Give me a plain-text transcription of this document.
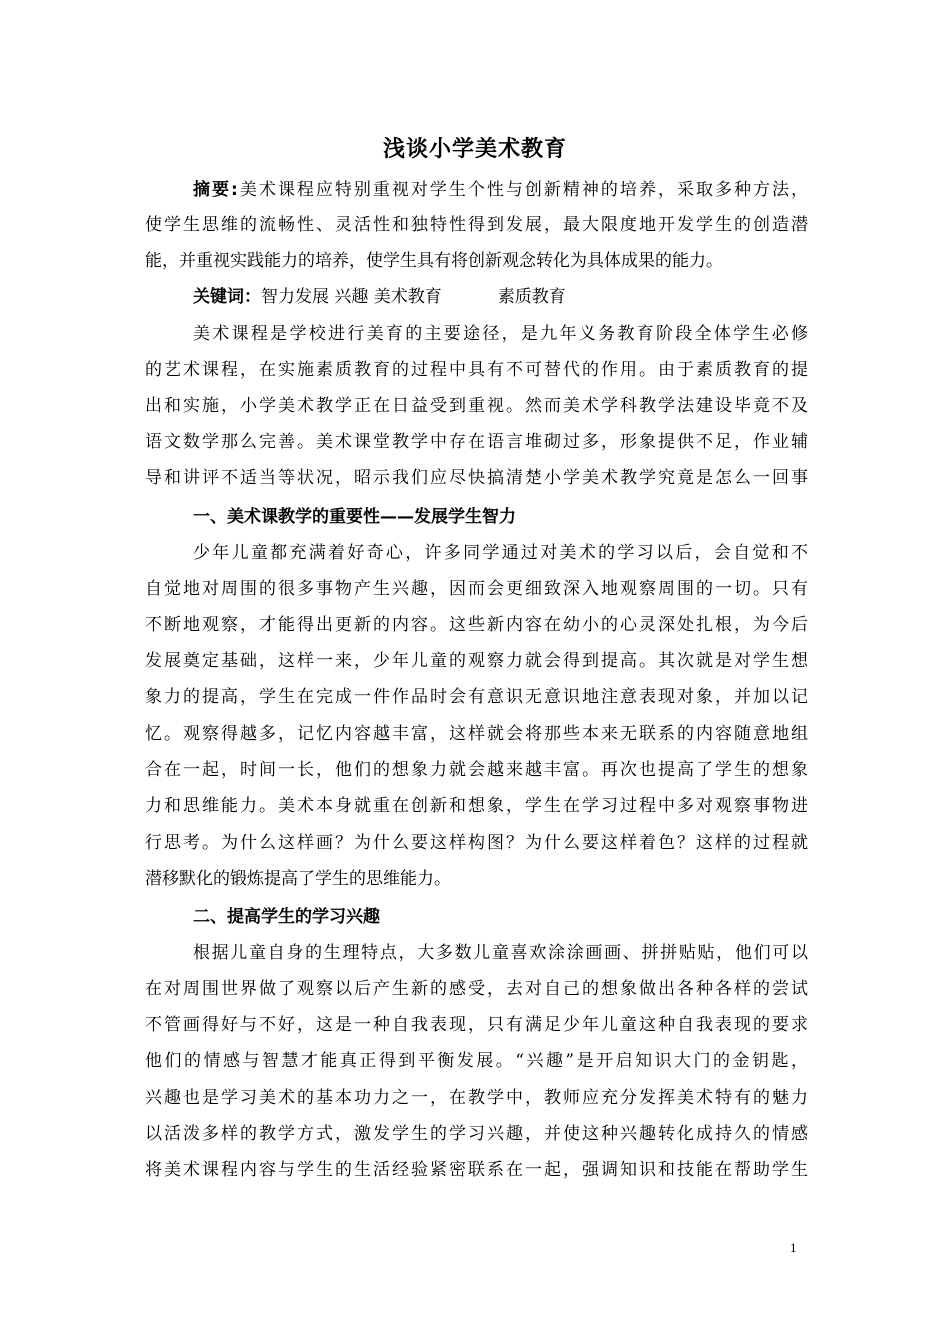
浅谈小学美术教育
摘要:美术课程应特别重视对学生个性与创新精神的培养，采取多种方法，
使学生思维的流畅性、灵活性和独特性得到发展，最大限度地开发学生的创造潜
能，并重视实践能力的培养，使学生具有将创新观念转化为具体成果的能力。
关键词：智力发展 兴趣 美术教育	素质教育
美术课程是学校进行美育的主要途径，是九年义务教育阶段全体学生必修
的艺术课程，在实施素质教育的过程中具有不可替代的作用。由于素质教育的提
出和实施，小学美术教学正在日益受到重视。然而美术学科教学法建设毕竟不及
语文数学那么完善。美术课堂教学中存在语言堆砌过多，形象提供不足，作业辅
导和讲评不适当等状况，昭示我们应尽快搞清楚小学美术教学究竟是怎么一回事
一、美术课教学的重要性——发展学生智力
少年儿童都充满着好奇心，许多同学通过对美术的学习以后，会自觉和不
自觉地对周围的很多事物产生兴趣，因而会更细致深入地观察周围的一切。只有
不断地观察，才能得出更新的内容。这些新内容在幼小的心灵深处扎根，为今后
发展奠定基础，这样一来，少年儿童的观察力就会得到提高。其次就是对学生想
象力的提高，学生在完成一件作品时会有意识无意识地注意表现对象，并加以记
忆。观察得越多，记忆内容越丰富，这样就会将那些本来无联系的内容随意地组
合在一起，时间一长，他们的想象力就会越来越丰富。再次也提高了学生的想象
力和思维能力。美术本身就重在创新和想象，学生在学习过程中多对观察事物进
行思考。为什么这样画？为什么要这样构图？为什么要这样着色？这样的过程就
潜移默化的锻炼提高了学生的思维能力。
二、提高学生的学习兴趣
根据儿童自身的生理特点，大多数儿童喜欢涂涂画画、拼拼贴贴，他们可以
在对周围世界做了观察以后产生新的感受，去对自己的想象做出各种各样的尝试
不管画得好与不好，这是一种自我表现，只有满足少年儿童这种自我表现的要求
他们的情感与智慧才能真正得到平衡发展。“兴趣”是开启知识大门的金钥匙，
兴趣也是学习美术的基本功力之一，在教学中，教师应充分发挥美术特有的魅力
以活泼多样的教学方式，激发学生的学习兴趣，并使这种兴趣转化成持久的情感
将美术课程内容与学生的生活经验紧密联系在一起，强调知识和技能在帮助学生
1
